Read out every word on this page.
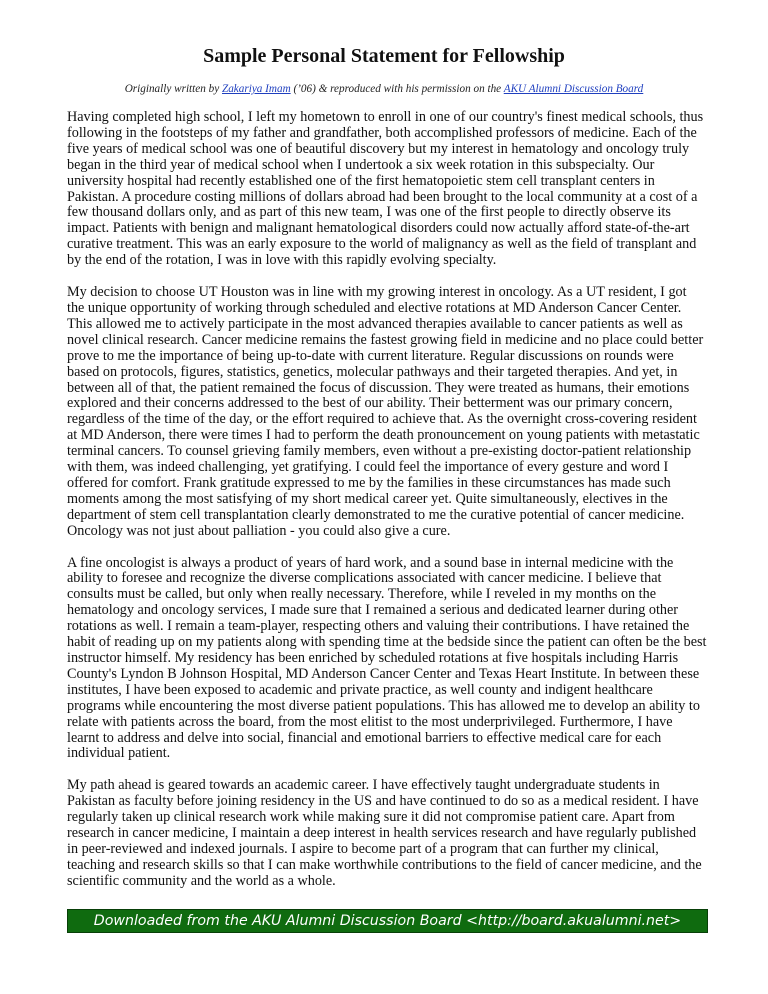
Sample Personal Statement for Fellowship
Originally written by Zakariya Imam (’06) & reproduced with his permission on the AKU Alumni Discussion Board

Having completed high school, I left my hometown to enroll in one of our country's finest medical schools, thus following in the footsteps of my father and grandfather, both accomplished professors of medicine. Each of the five years of medical school was one of beautiful discovery but my interest in hematology and oncology truly began in the third year of medical school when I undertook a six week rotation in this subspecialty. Our university hospital had recently established one of the first hematopoietic stem cell transplant centers in Pakistan. A procedure costing millions of dollars abroad had been brought to the local community at a cost of a few thousand dollars only, and as part of this new team, I was one of the first people to directly observe its impact. Patients with benign and malignant hematological disorders could now actually afford state-of-the-art curative treatment. This was an early exposure to the world of malignancy as well as the field of transplant and by the end of the rotation, I was in love with this rapidly evolving specialty.

My decision to choose UT Houston was in line with my growing interest in oncology. As a UT resident, I got the unique opportunity of working through scheduled and elective rotations at MD Anderson Cancer Center. This allowed me to actively participate in the most advanced therapies available to cancer patients as well as novel clinical research. Cancer medicine remains the fastest growing field in medicine and no place could better prove to me the importance of being up-to-date with current literature. Regular discussions on rounds were based on protocols, figures, statistics, genetics, molecular pathways and their targeted therapies. And yet, in between all of that, the patient remained the focus of discussion. They were treated as humans, their emotions explored and their concerns addressed to the best of our ability. Their betterment was our primary concern, regardless of the time of the day, or the effort required to achieve that. As the overnight cross-covering resident at MD Anderson, there were times I had to perform the death pronouncement on young patients with metastatic terminal cancers. To counsel grieving family members, even without a pre-existing doctor-patient relationship with them, was indeed challenging, yet gratifying. I could feel the importance of every gesture and word I offered for comfort. Frank gratitude expressed to me by the families in these circumstances has made such moments among the most satisfying of my short medical career yet. Quite simultaneously, electives in the department of stem cell transplantation clearly demonstrated to me the curative potential of cancer medicine. Oncology was not just about palliation - you could also give a cure.

A fine oncologist is always a product of years of hard work, and a sound base in internal medicine with the ability to foresee and recognize the diverse complications associated with cancer medicine. I believe that consults must be called, but only when really necessary. Therefore, while I reveled in my months on the hematology and oncology services, I made sure that I remained a serious and dedicated learner during other rotations as well. I remain a team-player, respecting others and valuing their contributions. I have retained the habit of reading up on my patients along with spending time at the bedside since the patient can often be the best instructor himself. My residency has been enriched by scheduled rotations at five hospitals including Harris County's Lyndon B Johnson Hospital, MD Anderson Cancer Center and Texas Heart Institute. In between these institutes, I have been exposed to academic and private practice, as well county and indigent healthcare programs while encountering the most diverse patient populations. This has allowed me to develop an ability to relate with patients across the board, from the most elitist to the most underprivileged. Furthermore, I have learnt to address and delve into social, financial and emotional barriers to effective medical care for each individual patient.

My path ahead is geared towards an academic career. I have effectively taught undergraduate students in Pakistan as faculty before joining residency in the US and have continued to do so as a medical resident. I have regularly taken up clinical research work while making sure it did not compromise patient care. Apart from research in cancer medicine, I maintain a deep interest in health services research and have regularly published in peer-reviewed and indexed journals. I aspire to become part of a program that can further my clinical, teaching and research skills so that I can make worthwhile contributions to the field of cancer medicine, and the scientific community and the world as a whole.

Downloaded from the AKU Alumni Discussion Board <http://board.akualumni.net>
